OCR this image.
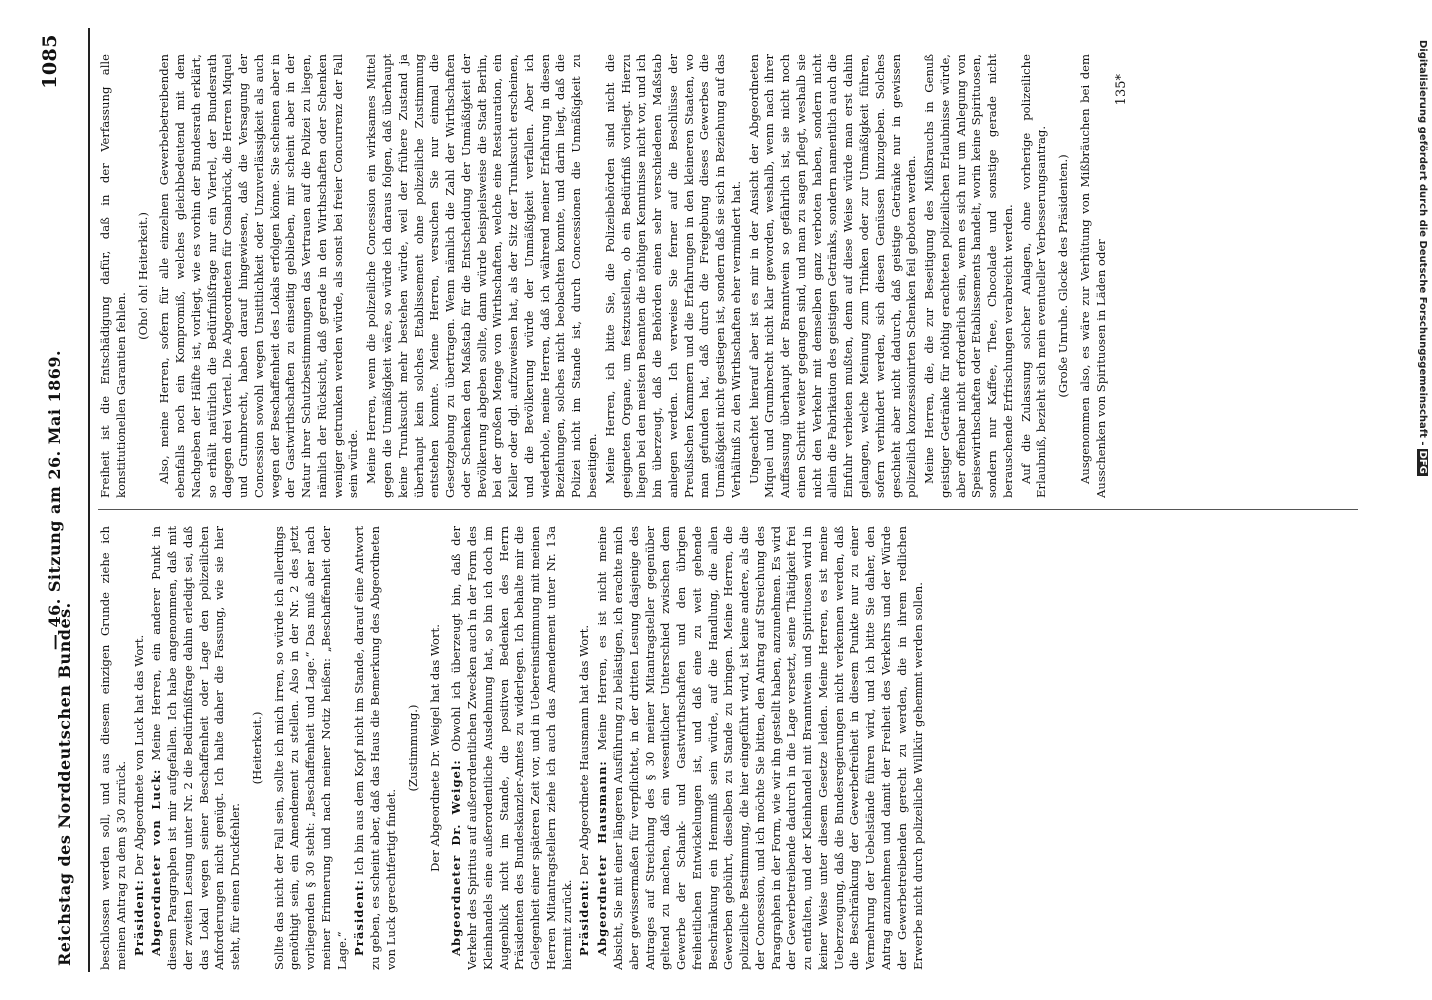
Reichstag des Norddeutschen Bundes.
— 46. Sitzung am 26. Mai 1869.
1085

beschlossen werden soll, und aus diesem einzigen Grunde ziehe ich meinen Antrag zu dem § 30 zurück. Präsident: Der Abgeordnete von Luck hat das Wort. Abgeordneter von Luck: Meine Herren, ein anderer Punkt in diesem Paragraphen ist mir aufgefallen. Ich habe angenommen, daß mit der zweiten Lesung unter Nr. 2 die Bedürfnißfrage dahin erledigt sei, daß das Lokal wegen seiner Beschaffenheit oder Lage den polizeilichen Anforderungen nicht genügt. Ich halte daher die Fassung, wie sie hier steht, für einen Druckfehler.

(Heiterkeit.) Sollte das nicht der Fall sein, sollte ich mich irren, so würde ich allerdings genöthigt sein, ein Amendement zu stellen. Also in der Nr. 2 des jetzt vorliegenden § 30 steht: „Beschaffenheit und Lage.“ Das muß aber nach meiner Erinnerung und nach meiner Notiz heißen: „Beschaffenheit oder Lage.“ Präsident: Ich bin aus dem Kopf nicht im Stande, darauf eine Antwort zu geben, es scheint aber, daß das Haus die Bemerkung des Abgeordneten von Luck gerechtfertigt findet.

(Zustimmung.) Der Abgeordnete Dr. Weigel hat das Wort. Abgeordneter Dr. Weigel: Obwohl ich überzeugt bin, daß der Verkehr des Spiritus auf außerordentlichen Zwecken auch in der Form des Kleinhandels eine außerordentliche Ausdehnung hat, so bin ich doch im Augenblick nicht im Stande, die positiven Bedenken des Herrn Präsidenten des Bundeskanzler-Amtes zu widerlegen. Ich behalte mir die Gelegenheit einer späteren Zeit vor, und in Uebereinstimmung mit meinen Herren Mitantragstellern ziehe ich auch das Amendement unter Nr. 13a hiermit zurück. Präsident: Der Abgeordnete Hausmann hat das Wort. Abgeordneter Hausmann: Meine Herren, es ist nicht meine Absicht, Sie mit einer längeren Ausführung zu belästigen, ich erachte mich aber gewissermaßen für verpflichtet, in der dritten Lesung dasjenige des Antrages auf Streichung des § 30 meiner Mitantragsteller gegenüber geltend zu machen, daß ein wesentlicher Unterschied zwischen dem Gewerbe der Schank- und Gastwirthschaften und den übrigen freiheitlichen Entwickelungen ist, und daß eine zu weit gehende Beschränkung ein Hemmniß sein würde, auf die Handlung, die allen Gewerben gebührt, dieselben zu Stande zu bringen. Meine Herren, die polizeiliche Bestimmung, die hier eingeführt wird, ist keine andere, als die der Concession, und ich möchte Sie bitten, den Antrag auf Streichung des Paragraphen in der Form, wie wir ihn gestellt haben, anzunehmen. Es wird der Gewerbetreibende dadurch in die Lage versetzt, seine Thätigkeit frei zu entfalten, und der Kleinhandel mit Branntwein und Spirituosen wird in keiner Weise unter diesem Gesetze leiden. Meine Herren, es ist meine Ueberzeugung, daß die Bundesregierungen nicht verkennen werden, daß die Beschränkung der Gewerbefreiheit in diesem Punkte nur zu einer Vermehrung der Uebelstände führen wird, und ich bitte Sie daher, den Antrag anzunehmen und damit der Freiheit des Verkehrs und der Würde der Gewerbetreibenden gerecht zu werden, die in ihrem redlichen Erwerbe nicht durch polizeiliche Willkür gehemmt werden sollen.

Freiheit ist die Entschädigung dafür, daß in der Verfassung alle konstitutionellen Garantien fehlen.

(Oho! oh! Heiterkeit.) Also, meine Herren, sofern für alle einzelnen Gewerbebetreibenden ebenfalls noch ein Kompromiß, welches gleichbedeutend mit dem Nachgeben der Hälfte ist, vorliegt, wie es vorhin der Bundesrath erklärt, so erhält natürlich die Bedürfnißfrage nur ein Viertel, der Bundesrath dagegen drei Viertel. Die Abgeordneten für Osnabrück, die Herren Miquel und Grumbrecht, haben darauf hingewiesen, daß die Versagung der Concession sowohl wegen Unsittlichkeit oder Unzuverlässigkeit als auch wegen der Beschaffenheit des Lokals erfolgen könne. Sie scheinen aber in der Gastwirthschaften zu einseitig geblieben, mir scheint aber in der Natur ihrer Schutzbestimmungen das Vertrauen auf die Polizei zu liegen, nämlich der Rücksicht, daß gerade in den Wirthschaften oder Schenken weniger getrunken werden würde, als sonst bei freier Concurrenz der Fall sein würde. Meine Herren, wenn die polizeiliche Concession ein wirksames Mittel gegen die Unmäßigkeit wäre, so würde ich daraus folgen, daß überhaupt keine Trunksucht mehr bestehen würde, weil der frühere Zustand ja überhaupt kein solches Etablissement ohne polizeiliche Zustimmung entstehen konnte. Meine Herren, versuchen Sie nur einmal die Gesetzgebung zu übertragen. Wenn nämlich die Zahl der Wirthschaften oder Schenken den Maßstab für die Entscheidung der Unmäßigkeit der Bevölkerung abgeben sollte, dann würde beispielsweise die Stadt Berlin, bei der großen Menge von Wirthschaften, welche eine Restauration, ein Keller oder dgl. aufzuweisen hat, als der Sitz der Trunksucht erscheinen, und die Bevölkerung würde der Unmäßigkeit verfallen. Aber ich wiederhole, meine Herren, daß ich während meiner Erfahrung in diesen Beziehungen, solches nicht beobachten konnte, und darin liegt, daß die Polizei nicht im Stande ist, durch Concessionen die Unmäßigkeit zu beseitigen. Meine Herren, ich bitte Sie, die Polizeibehörden sind nicht die geeigneten Organe, um festzustellen, ob ein Bedürfniß vorliegt. Hierzu liegen bei den meisten Beamten die nöthigen Kenntnisse nicht vor, und ich bin überzeugt, daß die Behörden einen sehr verschiedenen Maßstab anlegen werden. Ich verweise Sie ferner auf die Beschlüsse der Preußischen Kammern und die Erfahrungen in den kleineren Staaten, wo man gefunden hat, daß durch die Freigebung dieses Gewerbes die Unmäßigkeit nicht gestiegen ist, sondern daß sie sich in Beziehung auf das Verhältniß zu den Wirthschaften eher vermindert hat. Ungeachtet hierauf aber ist es mir in der Ansicht der Abgeordneten Miquel und Grumbrecht nicht klar geworden, weshalb, wenn nach ihrer Auffassung überhaupt der Branntwein so gefährlich ist, sie nicht noch einen Schritt weiter gegangen sind, und man zu sagen pflegt, weshalb sie nicht den Verkehr mit demselben ganz verboten haben, sondern nicht allein die Fabrikation des geistigen Getränks, sondern namentlich auch die Einfuhr verbieten mußten, denn auf diese Weise würde man erst dahin gelangen, welche Meinung zum Trinken oder zur Unmäßigkeit führen, sofern verhindert werden, sich diesen Genüssen hinzugeben. Solches geschieht aber nicht dadurch, daß geistige Getränke nur in gewissen polizeilich konzessionirten Schenken feil geboten werden. Meine Herren, die, die zur Beseitigung des Mißbrauchs in Genuß geistiger Getränke für nöthig erachteten polizeilichen Erlaubnisse würde, aber offenbar nicht erforderlich sein, wenn es sich nur um Anlegung von Speisewirthschaften oder Etablissements handelt, worin keine Spirituosen, sondern nur Kaffee, Thee, Chocolade und sonstige gerade nicht berauschende Erfrischungen verabreicht werden. Auf die Zulassung solcher Anlagen, ohne vorherige polizeiliche Erlaubniß, bezieht sich mein eventueller Verbesserungsantrag. (Große Unruhe. Glocke des Präsidenten.) Ausgenommen also, es wäre zur Verhütung von Mißbräuchen bei dem Ausschenken von Spirituosen in Läden oder

135*	Digitalisierung gefördert durch die Deutsche Forschungsgemeinschaft -DFG
